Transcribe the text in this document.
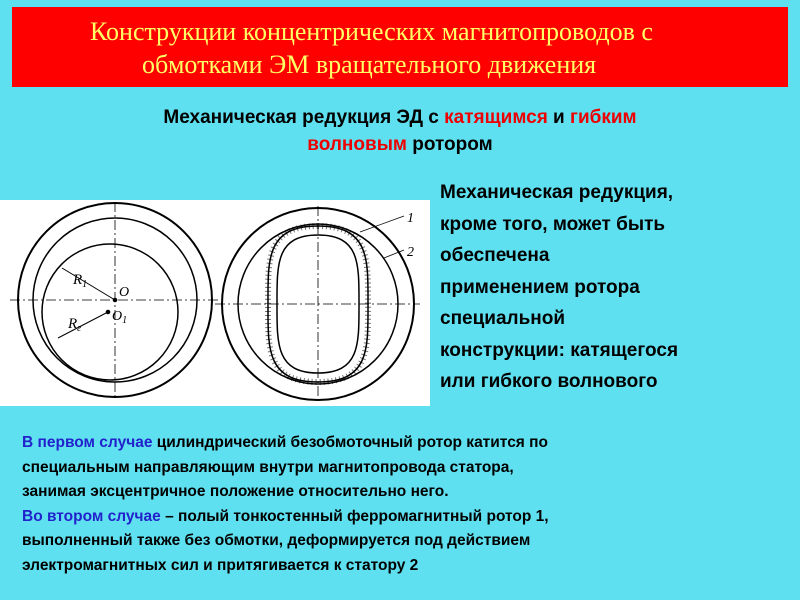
Конструкции концентрических магнитопроводов с
обмотками ЭМ вращательного движения
Механическая редукция ЭД с катящимся и гибким
волновым ротором
$R_1$
O
$R_г$
$O_1$
1
2
Механическая редукция,
кроме того, может быть
обеспечена
применением ротора
специальной
конструкции: катящегося
или гибкого волнового
В первом случае цилиндрический безобмоточный ротор катится по
специальным направляющим внутри магнитопровода статора,
занимая эксцентричное положение относительно него.
Во втором случае – полый тонкостенный ферромагнитный ротор 1,
выполненный также без обмотки, деформируется под действием
электромагнитных сил и притягивается к статору 2
